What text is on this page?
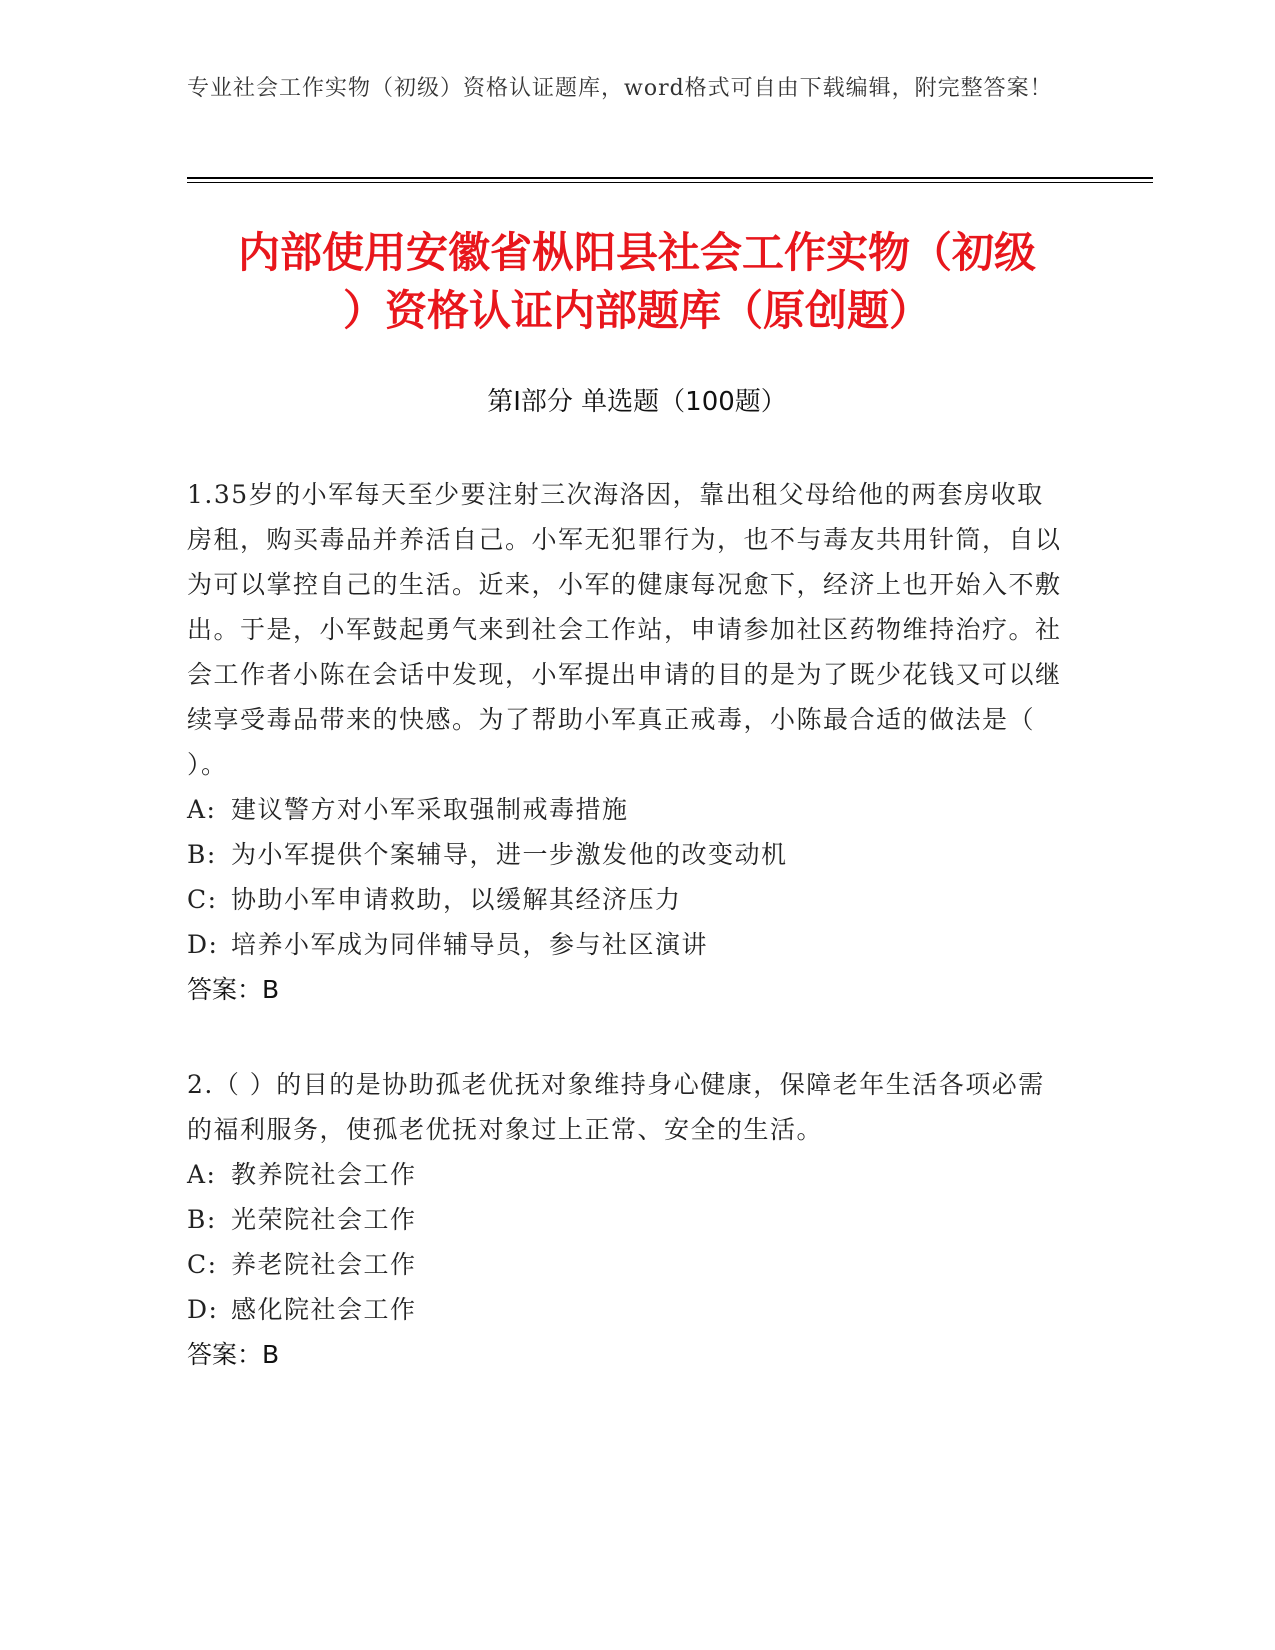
专业社会工作实物（初级）资格认证题库，word格式可自由下载编辑，附完整答案！
内部使用安徽省枞阳县社会工作实物（初级
）资格认证内部题库（原创题）
第Ⅰ部分 单选题（100题）

1.35岁的小军每天至少要注射三次海洛因，靠出租父母给他的两套房收取房租，购买毒品并养活自己。小军无犯罪行为，也不与毒友共用针筒，自以为可以掌控自己的生活。近来，小军的健康每况愈下，经济上也开始入不敷出。于是，小军鼓起勇气来到社会工作站，申请参加社区药物维持治疗。社会工作者小陈在会话中发现，小军提出申请的目的是为了既少花钱又可以继续享受毒品带来的快感。为了帮助小军真正戒毒，小陈最合适的做法是（ ）。

A: 建议警方对小军采取强制戒毒措施

B: 为小军提供个案辅导，进一步激发他的改变动机

C: 协助小军申请救助，以缓解其经济压力

D: 培养小军成为同伴辅导员，参与社区演讲

答案：B

2.（ ）的目的是协助孤老优抚对象维持身心健康，保障老年生活各项必需的福利服务，使孤老优抚对象过上正常、安全的生活。

A: 教养院社会工作

B: 光荣院社会工作

C: 养老院社会工作

D: 感化院社会工作

答案：B
